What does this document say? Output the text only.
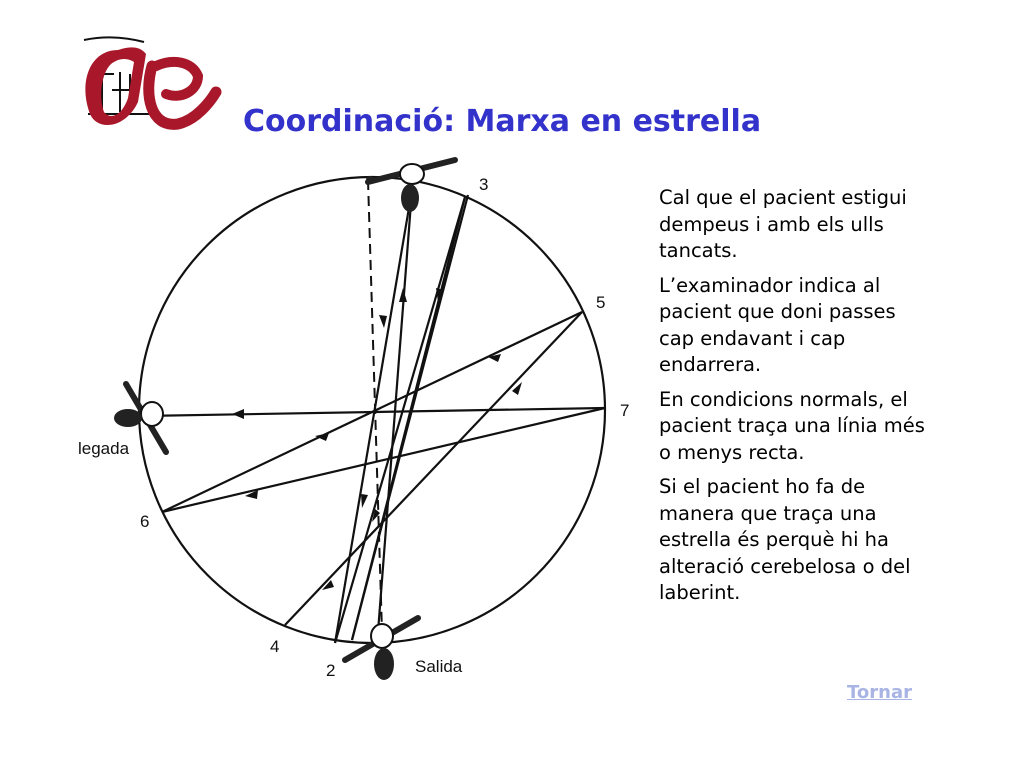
Coordinació: Marxa en estrella
3
5
7
6
4
2
legada
Salida

Cal que el pacient estigui dempeus i amb els ulls tancats.

L’examinador indica al pacient que doni passes cap endavant i cap endarrera.

En condicions normals, el pacient traça una línia més o menys recta.

Si el pacient ho fa de manera que traça una estrella és perquè hi ha alteració cerebelosa o del laberint.

Tornar
